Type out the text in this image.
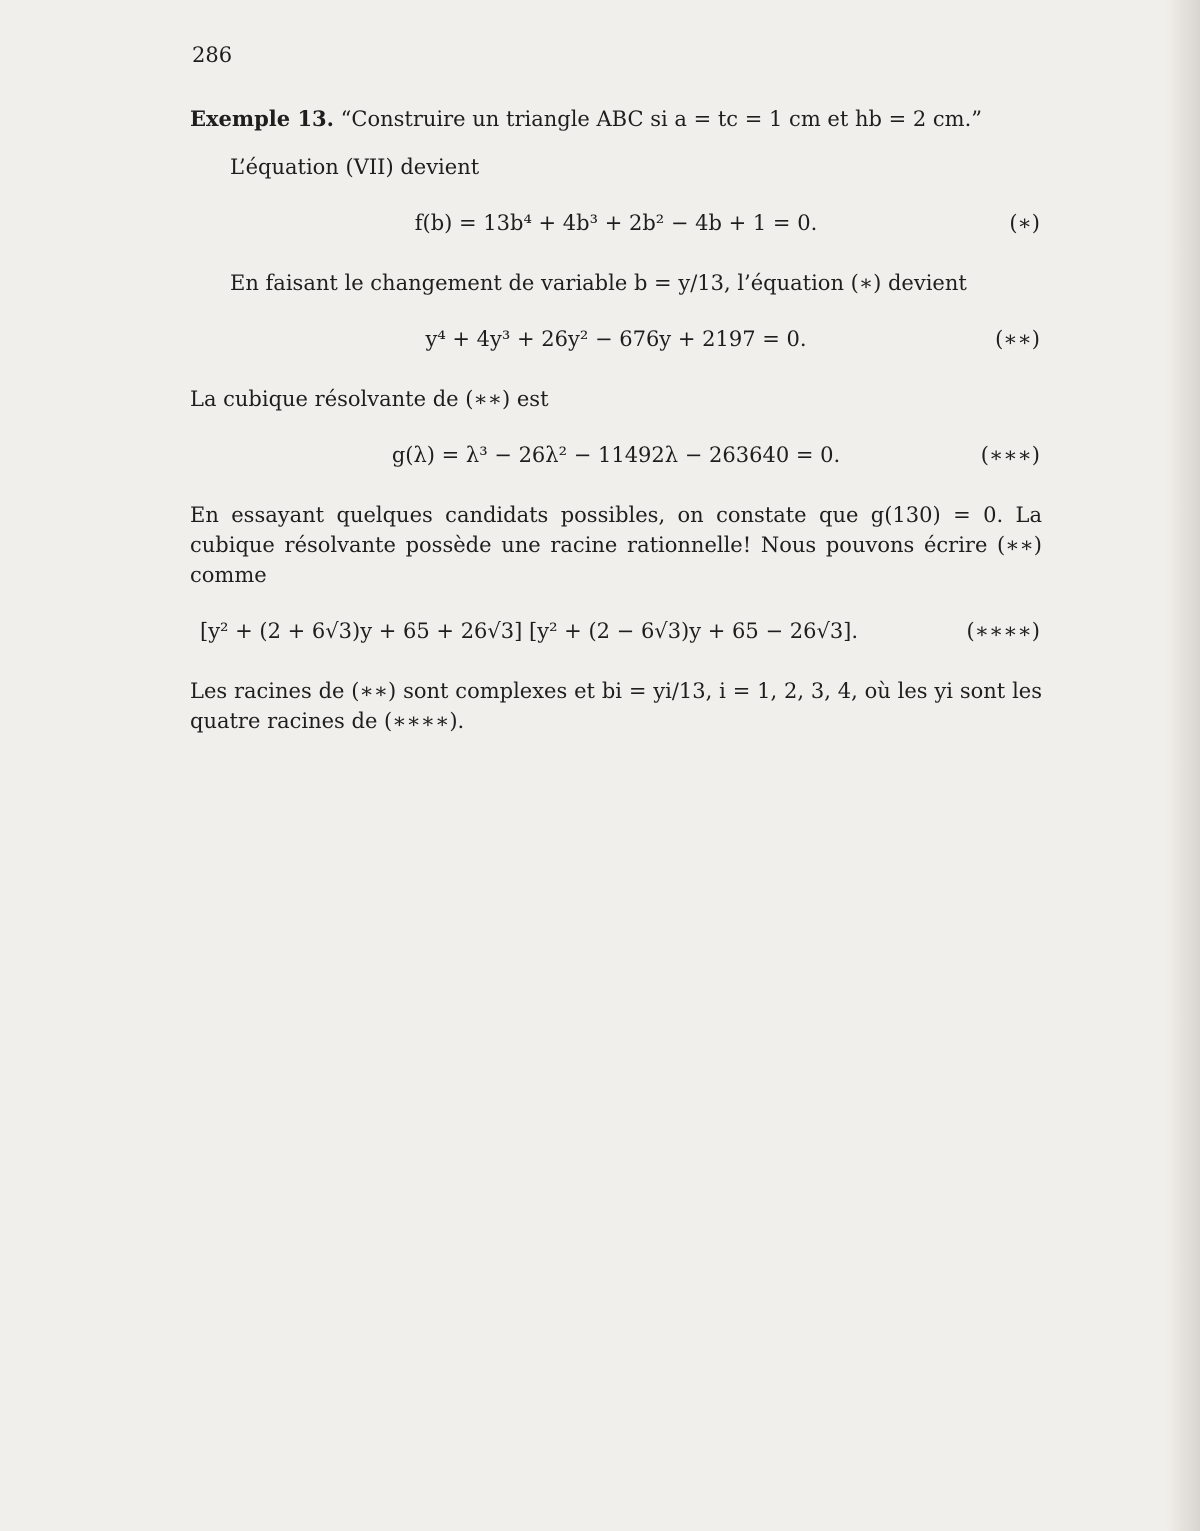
286

Exemple 13. “Construire un triangle ABC si a = tc = 1 cm et hb = 2 cm.”

L’équation (VII) devient

f(b) = 13b⁴ + 4b³ + 2b² − 4b + 1 = 0.	(∗)

En faisant le changement de variable b = y/13, l’équation (∗) devient

y⁴ + 4y³ + 26y² − 676y + 2197 = 0.	(∗∗)

La cubique résolvante de (∗∗) est

g(λ) = λ³ − 26λ² − 11492λ − 263640 = 0.	(∗∗∗)

En essayant quelques candidats possibles, on constate que g(130) = 0. La cubique résolvante possède une racine rationnelle! Nous pouvons écrire (∗∗) comme

[y² + (2 + 6√3)y + 65 + 26√3] [y² + (2 − 6√3)y + 65 − 26√3].	(∗∗∗∗)

Les racines de (∗∗) sont complexes et bi = yi/13, i = 1, 2, 3, 4, où les yi sont les quatre racines de (∗∗∗∗).
